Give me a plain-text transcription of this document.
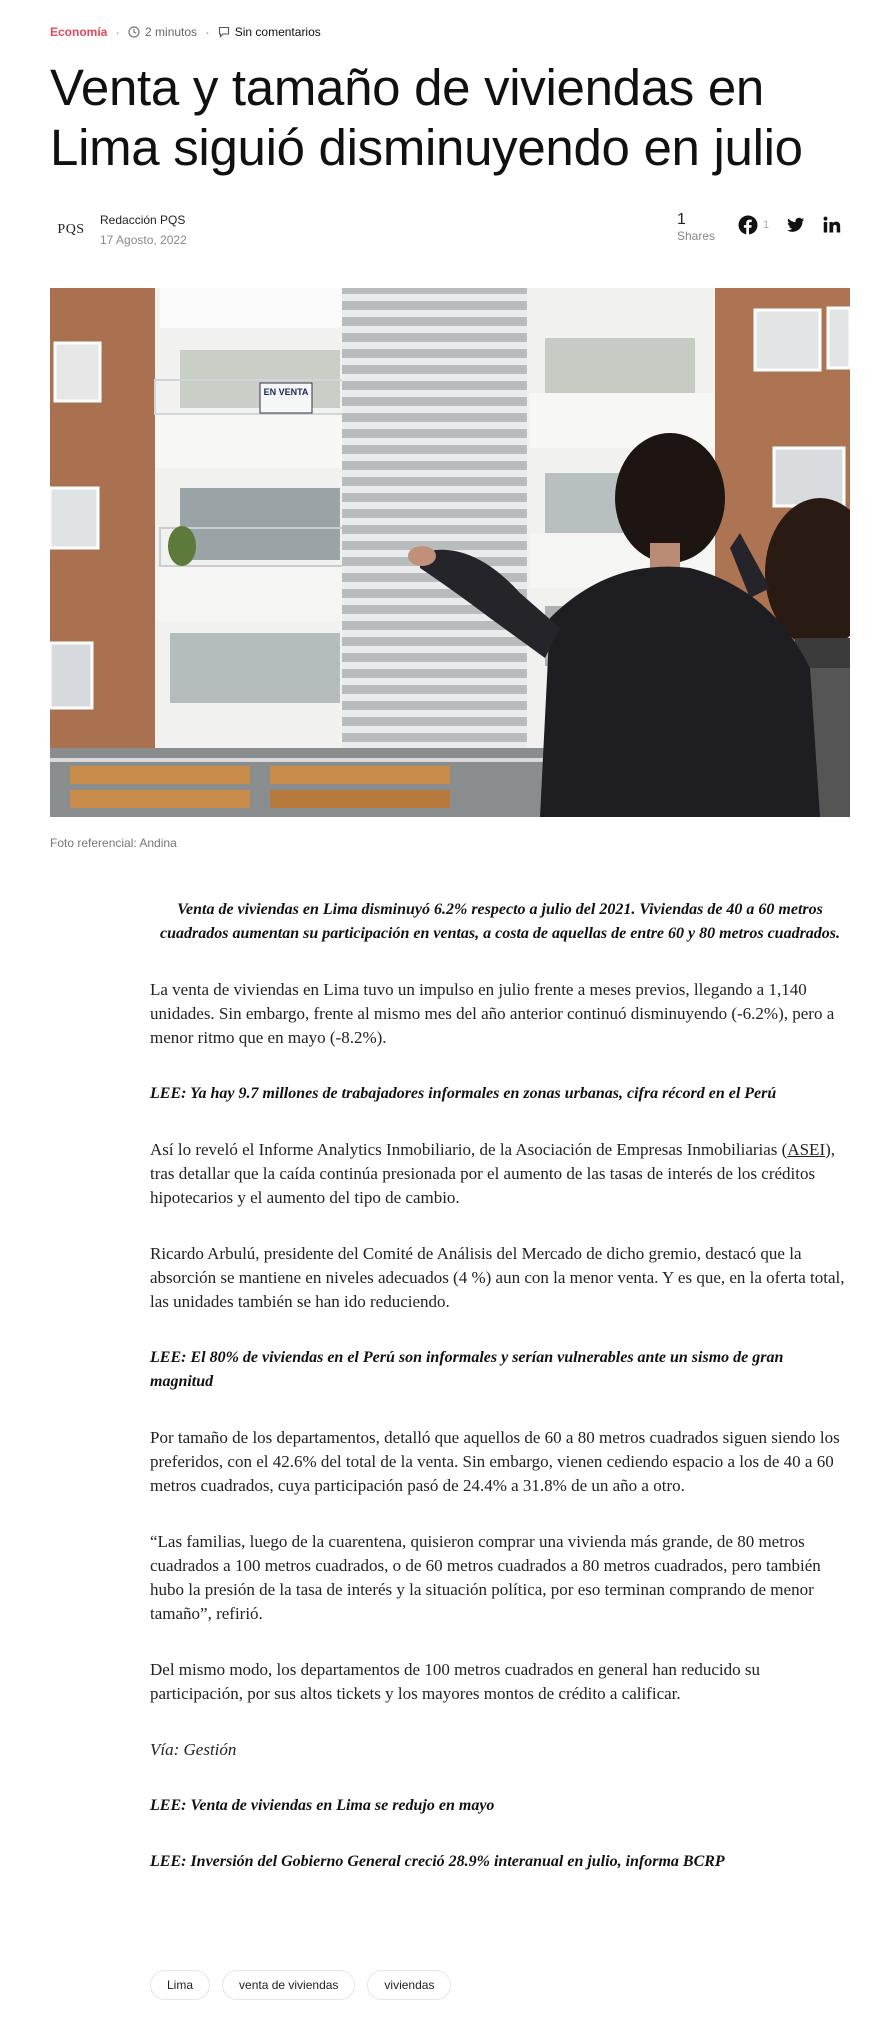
Economía · 2 minutos · Sin comentarios
Venta y tamaño de viviendas en Lima siguió disminuyendo en julio
PQS
Redacción PQS
17 Agosto, 2022
1
Shares
1
EN VENTA
Foto referencial: Andina

Venta de viviendas en Lima disminuyó 6.2% respecto a julio del 2021. Viviendas de 40 a 60 metros cuadrados aumentan su participación en ventas, a costa de aquellas de entre 60 y 80 metros cuadrados.

La venta de viviendas en Lima tuvo un impulso en julio frente a meses previos, llegando a 1,140 unidades. Sin embargo, frente al mismo mes del año anterior continuó disminuyendo (-6.2%), pero a menor ritmo que en mayo (-8.2%).

LEE: Ya hay 9.7 millones de trabajadores informales en zonas urbanas, cifra récord en el Perú

Así lo reveló el Informe Analytics Inmobiliario, de la Asociación de Empresas Inmobiliarias (ASEI), tras detallar que la caída continúa presionada por el aumento de las tasas de interés de los créditos hipotecarios y el aumento del tipo de cambio.

Ricardo Arbulú, presidente del Comité de Análisis del Mercado de dicho gremio, destacó que la absorción se mantiene en niveles adecuados (4 %) aun con la menor venta. Y es que, en la oferta total, las unidades también se han ido reduciendo.

LEE: El 80% de viviendas en el Perú son informales y serían vulnerables ante un sismo de gran magnitud

Por tamaño de los departamentos, detalló que aquellos de 60 a 80 metros cuadrados siguen siendo los preferidos, con el 42.6% del total de la venta. Sin embargo, vienen cediendo espacio a los de 40 a 60 metros cuadrados, cuya participación pasó de 24.4% a 31.8% de un año a otro.

“Las familias, luego de la cuarentena, quisieron comprar una vivienda más grande, de 80 metros cuadrados a 100 metros cuadrados, o de 60 metros cuadrados a 80 metros cuadrados, pero también hubo la presión de la tasa de interés y la situación política, por eso terminan comprando de menor tamaño”, refirió.

Del mismo modo, los departamentos de 100 metros cuadrados en general han reducido su participación, por sus altos tickets y los mayores montos de crédito a calificar.

Vía: Gestión

LEE: Venta de viviendas en Lima se redujo en mayo

LEE: Inversión del Gobierno General creció 28.9% interanual en julio, informa BCRP

Lima	venta de viviendas	viviendas
